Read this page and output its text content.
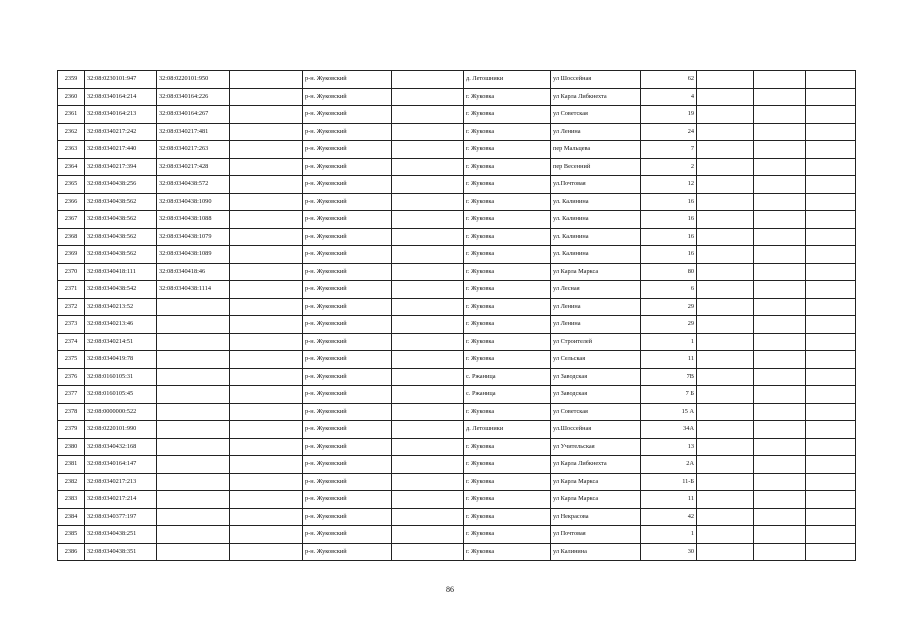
2359	32:08:0230101:947	32:08:0220101:950		р-н. Жуковский		д. Летошники	ул Шоссейная	62			
2360	32:08:0340164:214	32:08:0340164:226		р-н. Жуковский		г. Жуковка	ул Карла Либкнехта	4			
2361	32:08:0340164:213	32:08:0340164:267		р-н. Жуковский		г. Жуковка	ул Советская	19			
2362	32:08:0340217:242	32:08:0340217:481		р-н. Жуковский		г. Жуковка	ул Ленина	24			
2363	32:08:0340217:440	32:08:0340217:263		р-н. Жуковский		г. Жуковка	пер Мальцева	7			
2364	32:08:0340217:394	32:08:0340217:428		р-н. Жуковский		г. Жуковка	пер Весенний	2			
2365	32:08:0340438:256	32:08:0340438:572		р-н. Жуковский		г. Жуковка	ул.Почтовая	12			
2366	32:08:0340438:562	32:08:0340438:1090		р-н. Жуковский		г. Жуковка	ул. Калинина	16			
2367	32:08:0340438:562	32:08:0340438:1088		р-н. Жуковский		г. Жуковка	ул. Калинина	16			
2368	32:08:0340438:562	32:08:0340438:1079		р-н. Жуковский		г. Жуковка	ул. Калинина	16			
2369	32:08:0340438:562	32:08:0340438:1089		р-н. Жуковский		г. Жуковка	ул. Калинина	16			
2370	32:08:0340418:111	32:08:0340418:46		р-н. Жуковский		г. Жуковка	ул Карла Маркса	80			
2371	32:08:0340438:542	32:08:0340438:1114		р-н. Жуковский		г. Жуковка	ул Лесная	6			
2372	32:08:0340213:52			р-н. Жуковский		г. Жуковка	ул Ленина	29			
2373	32:08:0340213:46			р-н. Жуковский		г. Жуковка	ул Ленина	29			
2374	32:08:0340214:51			р-н. Жуковский		г. Жуковка	ул Строителей	1			
2375	32:08:0340419:78			р-н. Жуковский		г. Жуковка	ул Сельская	11			
2376	32:08:0160105:31			р-н. Жуковский		с. Ржаница	ул Заводская	7В			
2377	32:08:0160105:45			р-н. Жуковский		с. Ржаница	ул Заводская	7 Б			
2378	32:08:0000000:522			р-н. Жуковский		г. Жуковка	ул Советская	15 А			
2379	32:08:0220101:990			р-н. Жуковский		д. Летошники	ул.Шоссейная	34А			
2380	32:08:0340432:168			р-н. Жуковский		г. Жуковка	ул Учительская	13			
2381	32:08:0340164:147			р-н. Жуковский		г. Жуковка	ул Карла Либкнехта	2А			
2382	32:08:0340217:213			р-н. Жуковский		г. Жуковка	ул Карла Маркса	11-Б			
2383	32:08:0340217:214			р-н. Жуковский		г. Жуковка	ул Карла Маркса	11			
2384	32:08:0340377:197			р-н. Жуковский		г. Жуковка	ул Некрасова	42			
2385	32:08:0340438:251			р-н. Жуковский		г. Жуковка	ул Почтовая	1			
2386	32:08:0340438:351			р-н. Жуковский		г. Жуковка	ул Калинина	30			
86
